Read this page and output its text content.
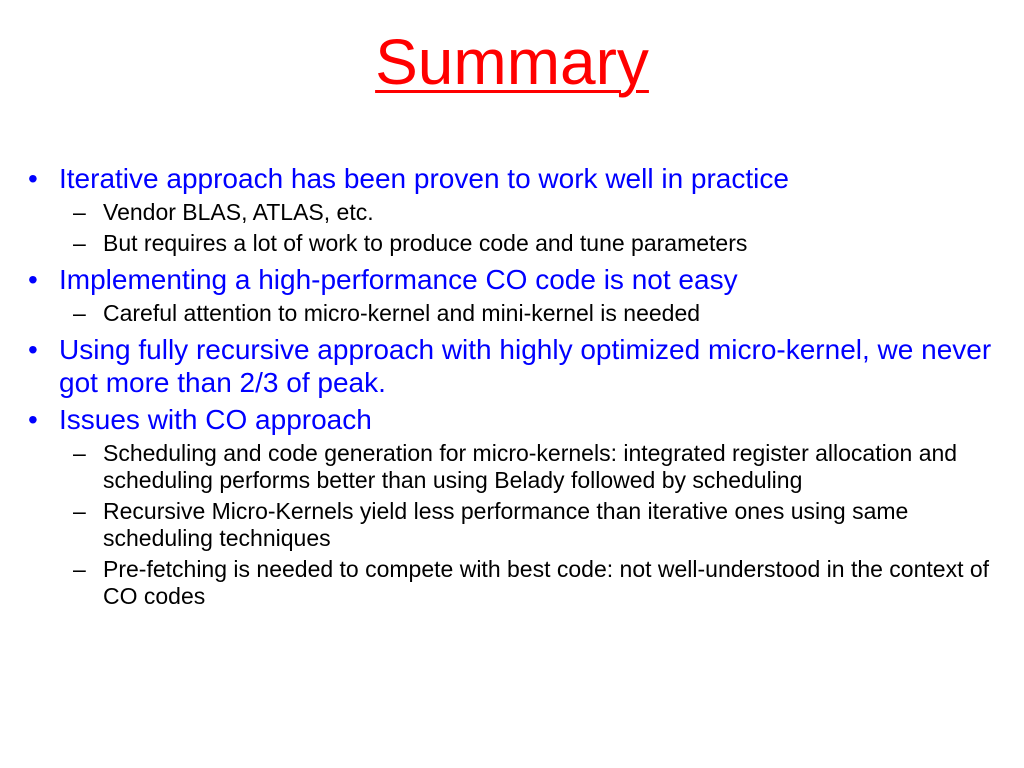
Summary
• Iterative approach has been proven to work well in practice
– Vendor BLAS, ATLAS, etc.
– But requires a lot of work to produce code and tune parameters
• Implementing a high-performance CO code is not easy
– Careful attention to micro-kernel and mini-kernel is needed
• Using fully recursive approach with highly optimized micro-kernel, we never got more than 2/3 of peak.
• Issues with CO approach
– Scheduling and code generation for micro-kernels: integrated register allocation and scheduling performs better than using Belady followed by scheduling
– Recursive Micro-Kernels yield less performance than iterative ones using same scheduling techniques
– Pre-fetching is needed to compete with best code: not well-understood in the context of CO codes
